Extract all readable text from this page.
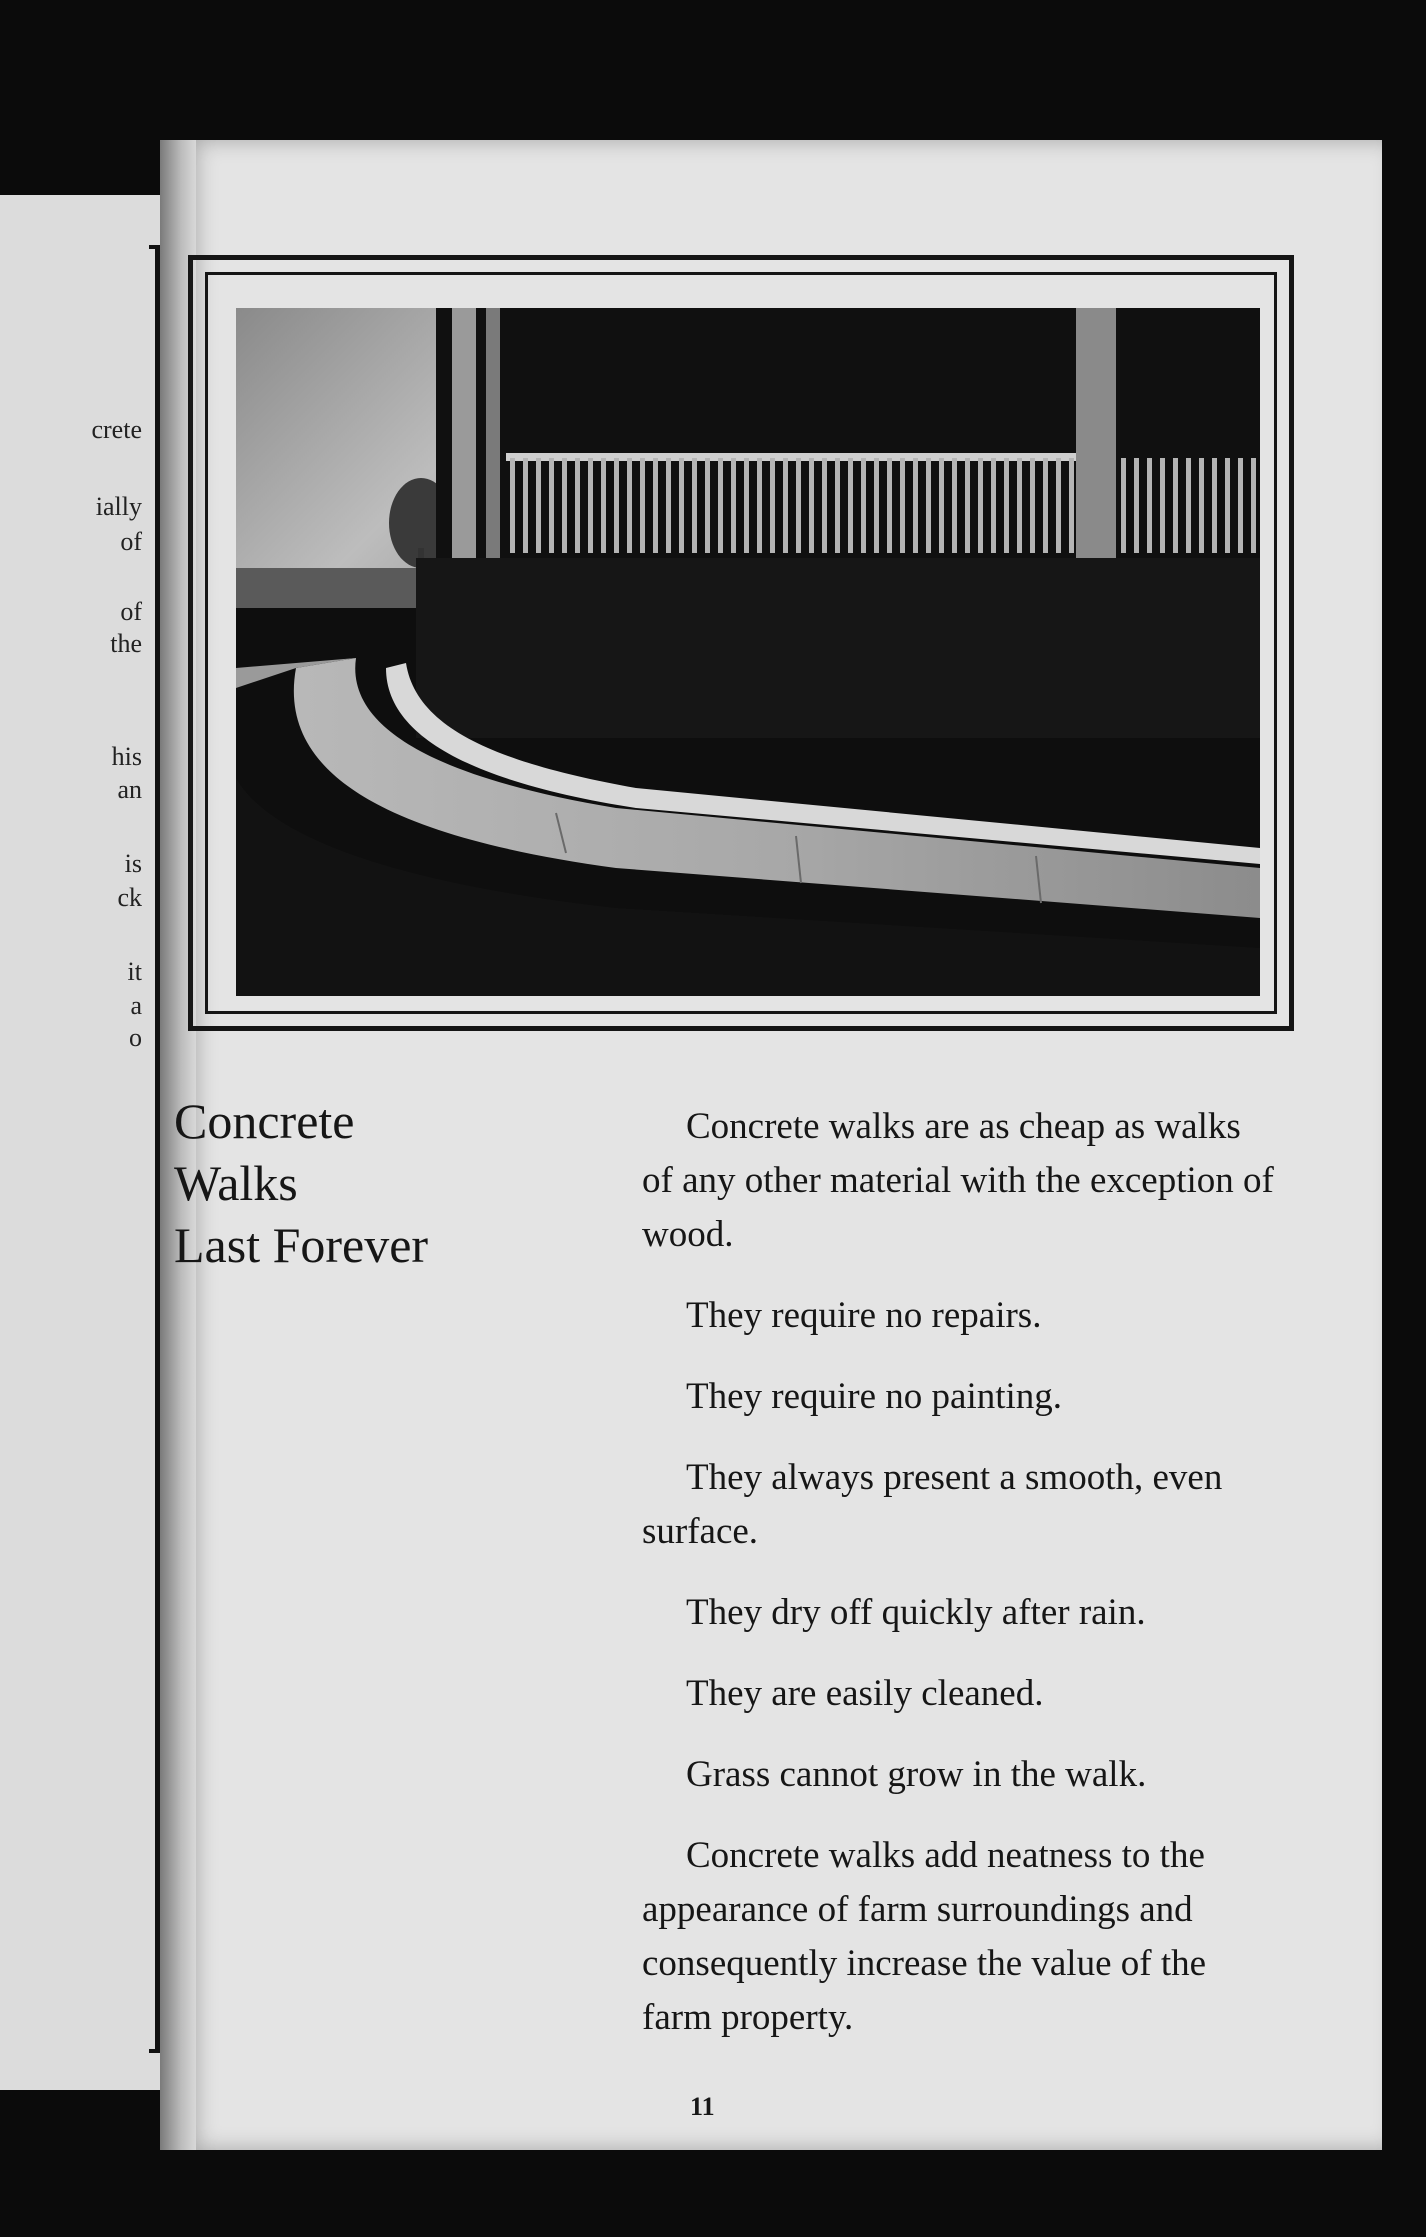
crete
ially
of
of
the
his
an
is
ck
it
a
o
Concrete
Walks
Last Forever

Concrete walks are as cheap as walks of any other material with the exception of wood.

They require no repairs.

They require no painting.

They always present a smooth, even surface.

They dry off quickly after rain.

They are easily cleaned.

Grass cannot grow in the walk.

Concrete walks add neatness to the appearance of farm surroundings and consequently increase the value of the farm property.

11
